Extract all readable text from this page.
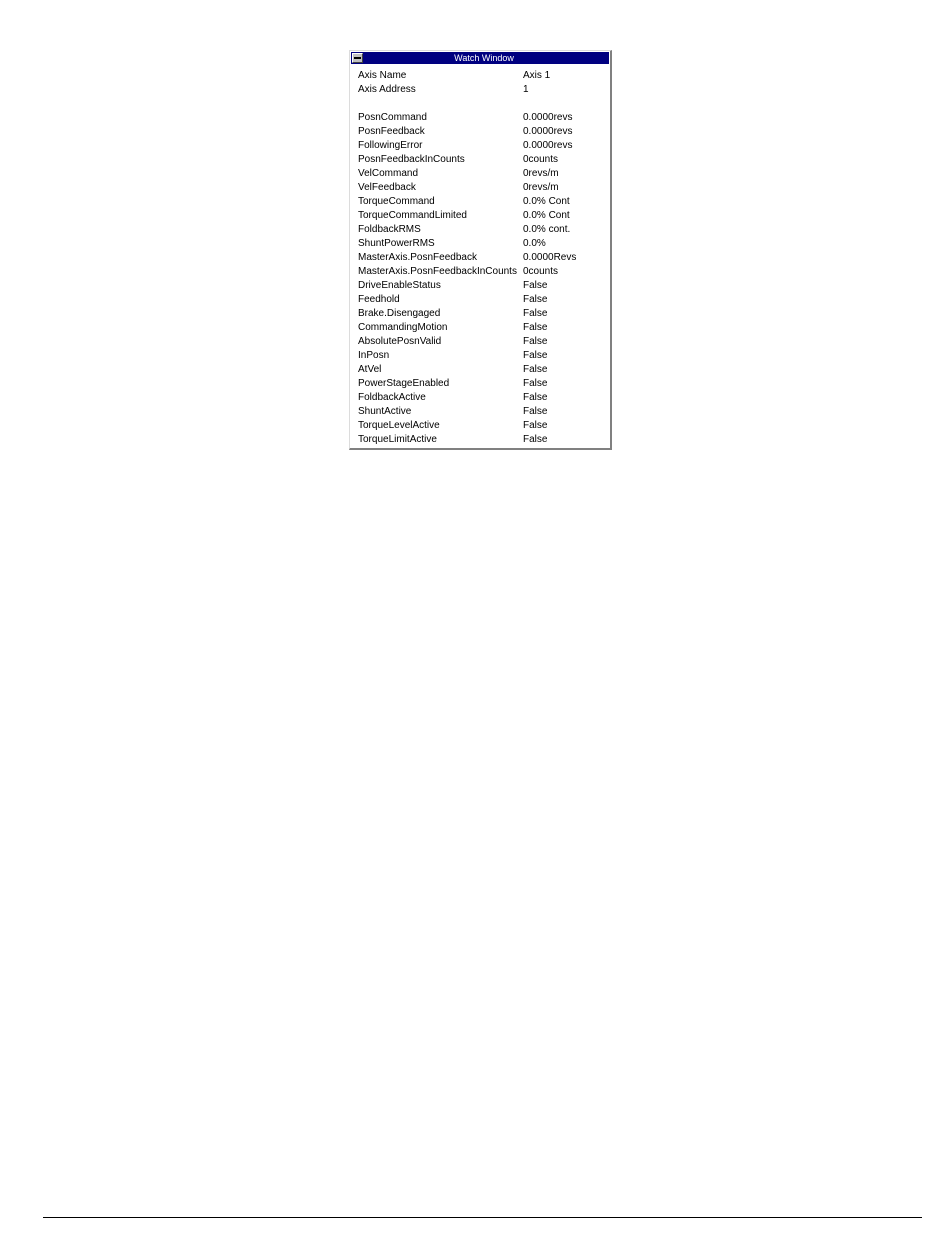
Watch Window
Axis Name	Axis 1
Axis Address	1
PosnCommand	0.0000revs
PosnFeedback	0.0000revs
FollowingError	0.0000revs
PosnFeedbackInCounts	0counts
VelCommand	0revs/m
VelFeedback	0revs/m
TorqueCommand	0.0% Cont
TorqueCommandLimited	0.0% Cont
FoldbackRMS	0.0% cont.
ShuntPowerRMS	0.0%
MasterAxis.PosnFeedback	0.0000Revs
MasterAxis.PosnFeedbackInCounts 0counts
DriveEnableStatus	False
Feedhold	False
Brake.Disengaged	False
CommandingMotion	False
AbsolutePosnValid	False
InPosn	False
AtVel	False
PowerStageEnabled	False
FoldbackActive	False
ShuntActive	False
TorqueLevelActive	False
TorqueLimitActive	False
